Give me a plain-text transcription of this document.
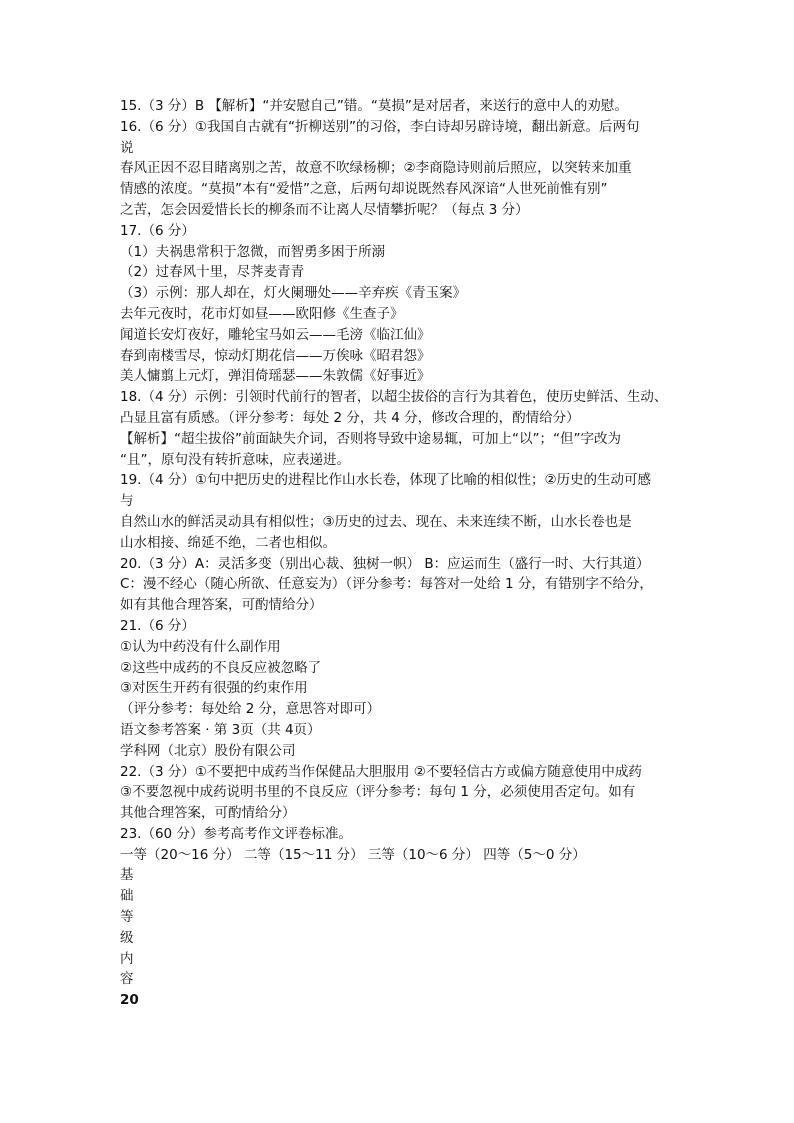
15.（3 分）B 【解析】“并安慰自己”错。“莫损”是对居者，来送行的意中人的劝慰。
16.（6 分）①我国自古就有“折柳送别”的习俗，李白诗却另辟诗境，翻出新意。后两句
说
春风正因不忍目睹离别之苦，故意不吹绿杨柳；②李商隐诗则前后照应，以突转来加重
情感的浓度。“莫损”本有“爱惜”之意，后两句却说既然春风深谙“人世死前惟有别”
之苦，怎会因爱惜长长的柳条而不让离人尽情攀折呢？（每点 3 分）
17.（6 分）
（1）夫祸患常积于忽微，而智勇多困于所溺
（2）过春风十里，尽荠麦青青
（3）示例：那人却在，灯火阑珊处——辛弃疾《青玉案》
去年元夜时，花市灯如昼——欧阳修《生查子》
闻道长安灯夜好，雕轮宝马如云——毛滂《临江仙》
春到南楼雪尽，惊动灯期花信——万俟咏《昭君怨》
美人慵翦上元灯，弹泪倚瑶瑟——朱敦儒《好事近》
18.（4 分）示例：引领时代前行的智者，以超尘拔俗的言行为其着色，使历史鲜活、生动、
凸显且富有质感。（评分参考：每处 2 分，共 4 分，修改合理的，酌情给分）
【解析】“超尘拔俗”前面缺失介词，否则将导致中途易辄，可加上“以”；“但”字改为
“且”，原句没有转折意味，应表递进。
19.（4 分）①句中把历史的进程比作山水长卷，体现了比喻的相似性；②历史的生动可感
与
自然山水的鲜活灵动具有相似性；③历史的过去、现在、未来连续不断，山水长卷也是
山水相接、绵延不绝，二者也相似。
20.（3 分）A：灵活多变（别出心裁、独树一帜） B：应运而生（盛行一时、大行其道）
C：漫不经心（随心所欲、任意妄为）（评分参考：每答对一处给 1 分，有错别字不给分，
如有其他合理答案，可酌情给分）
21.（6 分）
①认为中药没有什么副作用
②这些中成药的不良反应被忽略了
③对医生开药有很强的约束作用
（评分参考：每处给 2 分，意思答对即可）
语文参考答案 · 第 3页（共 4页）
学科网（北京）股份有限公司
22.（3 分）①不要把中成药当作保健品大胆服用 ②不要轻信古方或偏方随意使用中成药
③不要忽视中成药说明书里的不良反应（评分参考：每句 1 分，必须使用否定句。如有
其他合理答案，可酌情给分）
23.（60 分）参考高考作文评卷标准。
一等（20～16 分） 二等（15～11 分） 三等（10～6 分） 四等（5～0 分）
基
础
等
级
内
容
20
